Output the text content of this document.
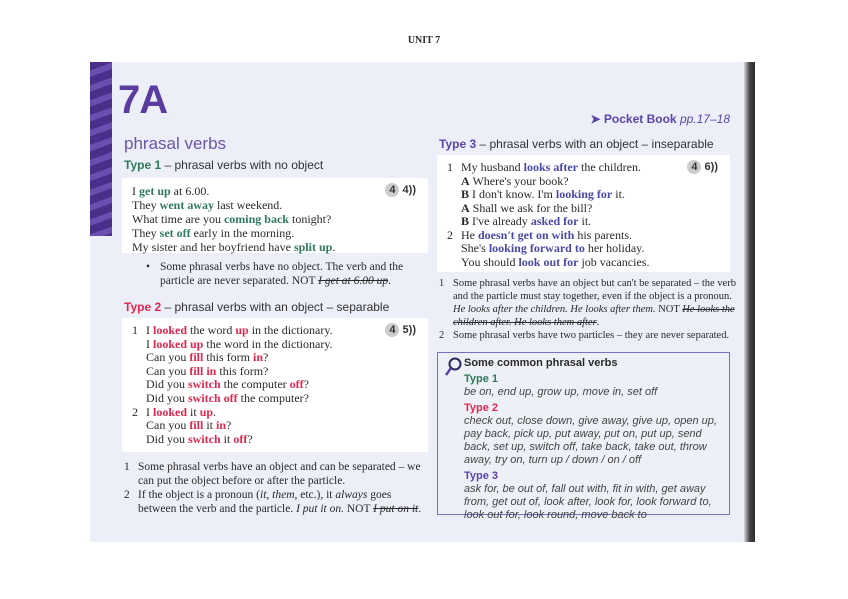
UNIT 7
7A
phrasal verbs
Type 1 – phrasal verbs with no object
4 4))
I get up at 6.00.
They went away last weekend.
What time are you coming back tonight?
They set off early in the morning.
My sister and her boyfriend have split up.
• Some phrasal verbs have no object. The verb and the particle are never separated. NOT I get at 6.00 up.
Type 2 – phrasal verbs with an object – separable
4 5))
1 I looked the word up in the dictionary.
I looked up the word in the dictionary.
Can you fill this form in?
Can you fill in this form?
Did you switch the computer off?
Did you switch off the computer?
2 I looked it up.
Can you fill it in?
Did you switch it off?
1 Some phrasal verbs have an object and can be separated – we can put the object before or after the particle.
2 If the object is a pronoun (it, them, etc.), it always goes between the verb and the particle. I put it on. NOT I put on it.
➤ Pocket Book pp.17–18
Type 3 – phrasal verbs with an object – inseparable
4 6))
1 My husband looks after the children.
A Where's your book?
B I don't know. I'm looking for it.
A Shall we ask for the bill?
B I've already asked for it.
2 He doesn't get on with his parents.
She's looking forward to her holiday.
You should look out for job vacancies.
1 Some phrasal verbs have an object but can't be separated – the verb and the particle must stay together, even if the object is a pronoun. He looks after the children. He looks after them. NOT He looks the children after. He looks them after.
2 Some phrasal verbs have two particles – they are never separated.
Some common phrasal verbs
Type 1
be on, end up, grow up, move in, set off
Type 2
check out, close down, give away, give up, open up, pay back, pick up, put away, put on, put up, send back, set up, switch off, take back, take out, throw away, try on, turn up / down / on / off
Type 3
ask for, be out of, fall out with, fit in with, get away from, get out of, look after, look for, look forward to, look out for, look round, move back to
